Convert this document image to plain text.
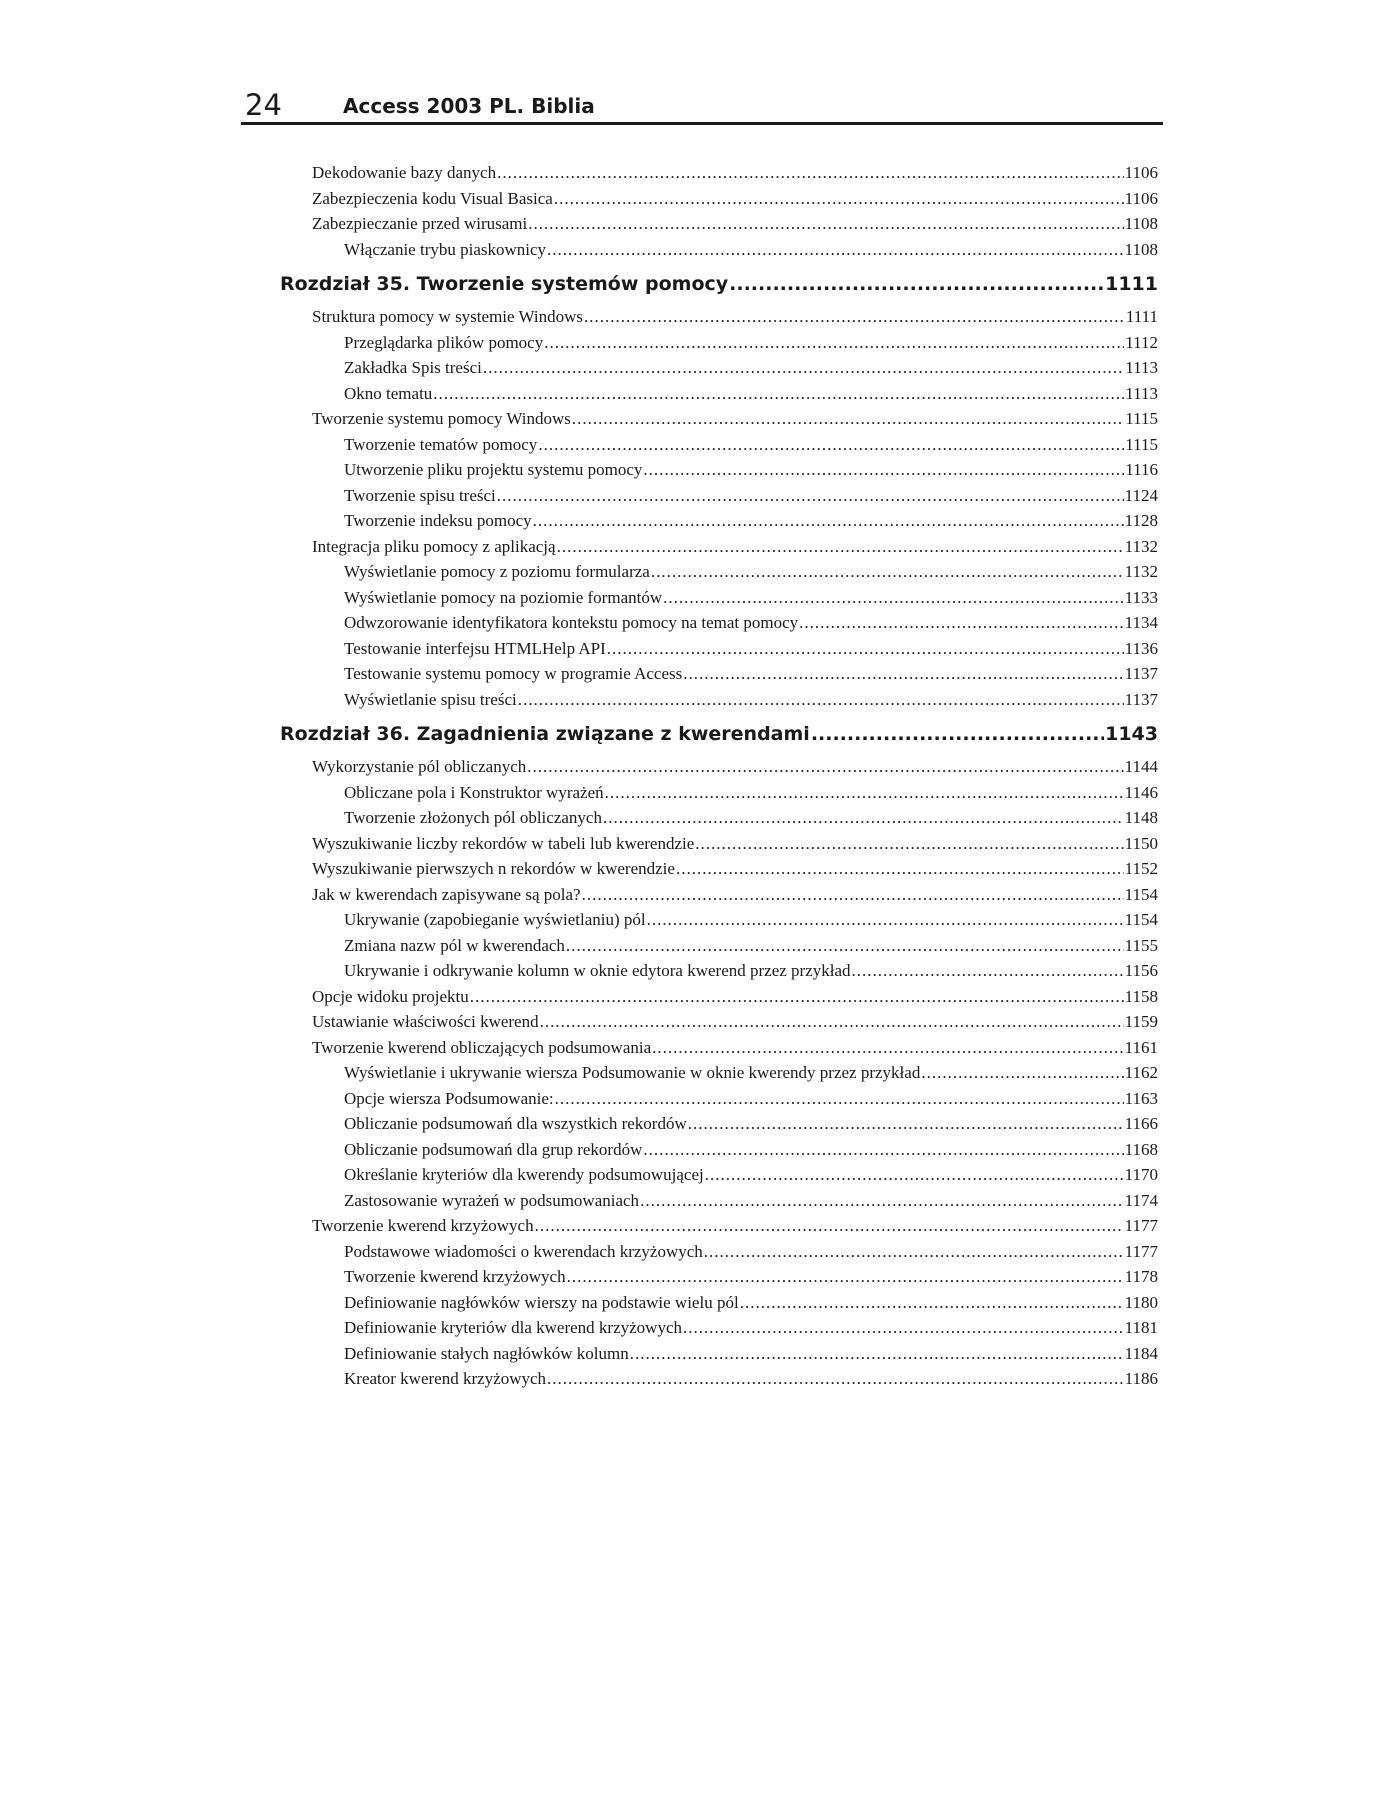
24	Access 2003 PL. Biblia
Dekodowanie bazy danych .....	1106
Zabezpieczenia kodu Visual Basica .....	1106
Zabezpieczanie przed wirusami .....	1108
Włączanie trybu piaskownicy .....	1108
Rozdział 35. Tworzenie systemów pomocy .....	1111
Struktura pomocy w systemie Windows .....	1111
Przeglądarka plików pomocy .....	1112
Zakładka Spis treści .....	1113
Okno tematu .....	1113
Tworzenie systemu pomocy Windows .....	1115
Tworzenie tematów pomocy .....	1115
Utworzenie pliku projektu systemu pomocy .....	1116
Tworzenie spisu treści .....	1124
Tworzenie indeksu pomocy .....	1128
Integracja pliku pomocy z aplikacją .....	1132
Wyświetlanie pomocy z poziomu formularza .....	1132
Wyświetlanie pomocy na poziomie formantów .....	1133
Odwzorowanie identyfikatora kontekstu pomocy na temat pomocy .....	1134
Testowanie interfejsu HTMLHelp API .....	1136
Testowanie systemu pomocy w programie Access .....	1137
Wyświetlanie spisu treści .....	1137
Rozdział 36. Zagadnienia związane z kwerendami .....	1143
Wykorzystanie pól obliczanych .....	1144
Obliczane pola i Konstruktor wyrażeń .....	1146
Tworzenie złożonych pól obliczanych .....	1148
Wyszukiwanie liczby rekordów w tabeli lub kwerendzie .....	1150
Wyszukiwanie pierwszych n rekordów w kwerendzie .....	1152
Jak w kwerendach zapisywane są pola? .....	1154
Ukrywanie (zapobieganie wyświetlaniu) pól .....	1154
Zmiana nazw pól w kwerendach .....	1155
Ukrywanie i odkrywanie kolumn w oknie edytora kwerend przez przykład .....	1156
Opcje widoku projektu .....	1158
Ustawianie właściwości kwerend .....	1159
Tworzenie kwerend obliczających podsumowania .....	1161
Wyświetlanie i ukrywanie wiersza Podsumowanie w oknie kwerendy przez przykład .....	1162
Opcje wiersza Podsumowanie: .....	1163
Obliczanie podsumowań dla wszystkich rekordów .....	1166
Obliczanie podsumowań dla grup rekordów .....	1168
Określanie kryteriów dla kwerendy podsumowującej .....	1170
Zastosowanie wyrażeń w podsumowaniach .....	1174
Tworzenie kwerend krzyżowych .....	1177
Podstawowe wiadomości o kwerendach krzyżowych .....	1177
Tworzenie kwerend krzyżowych .....	1178
Definiowanie nagłówków wierszy na podstawie wielu pól .....	1180
Definiowanie kryteriów dla kwerend krzyżowych .....	1181
Definiowanie stałych nagłówków kolumn .....	1184
Kreator kwerend krzyżowych .....	1186
